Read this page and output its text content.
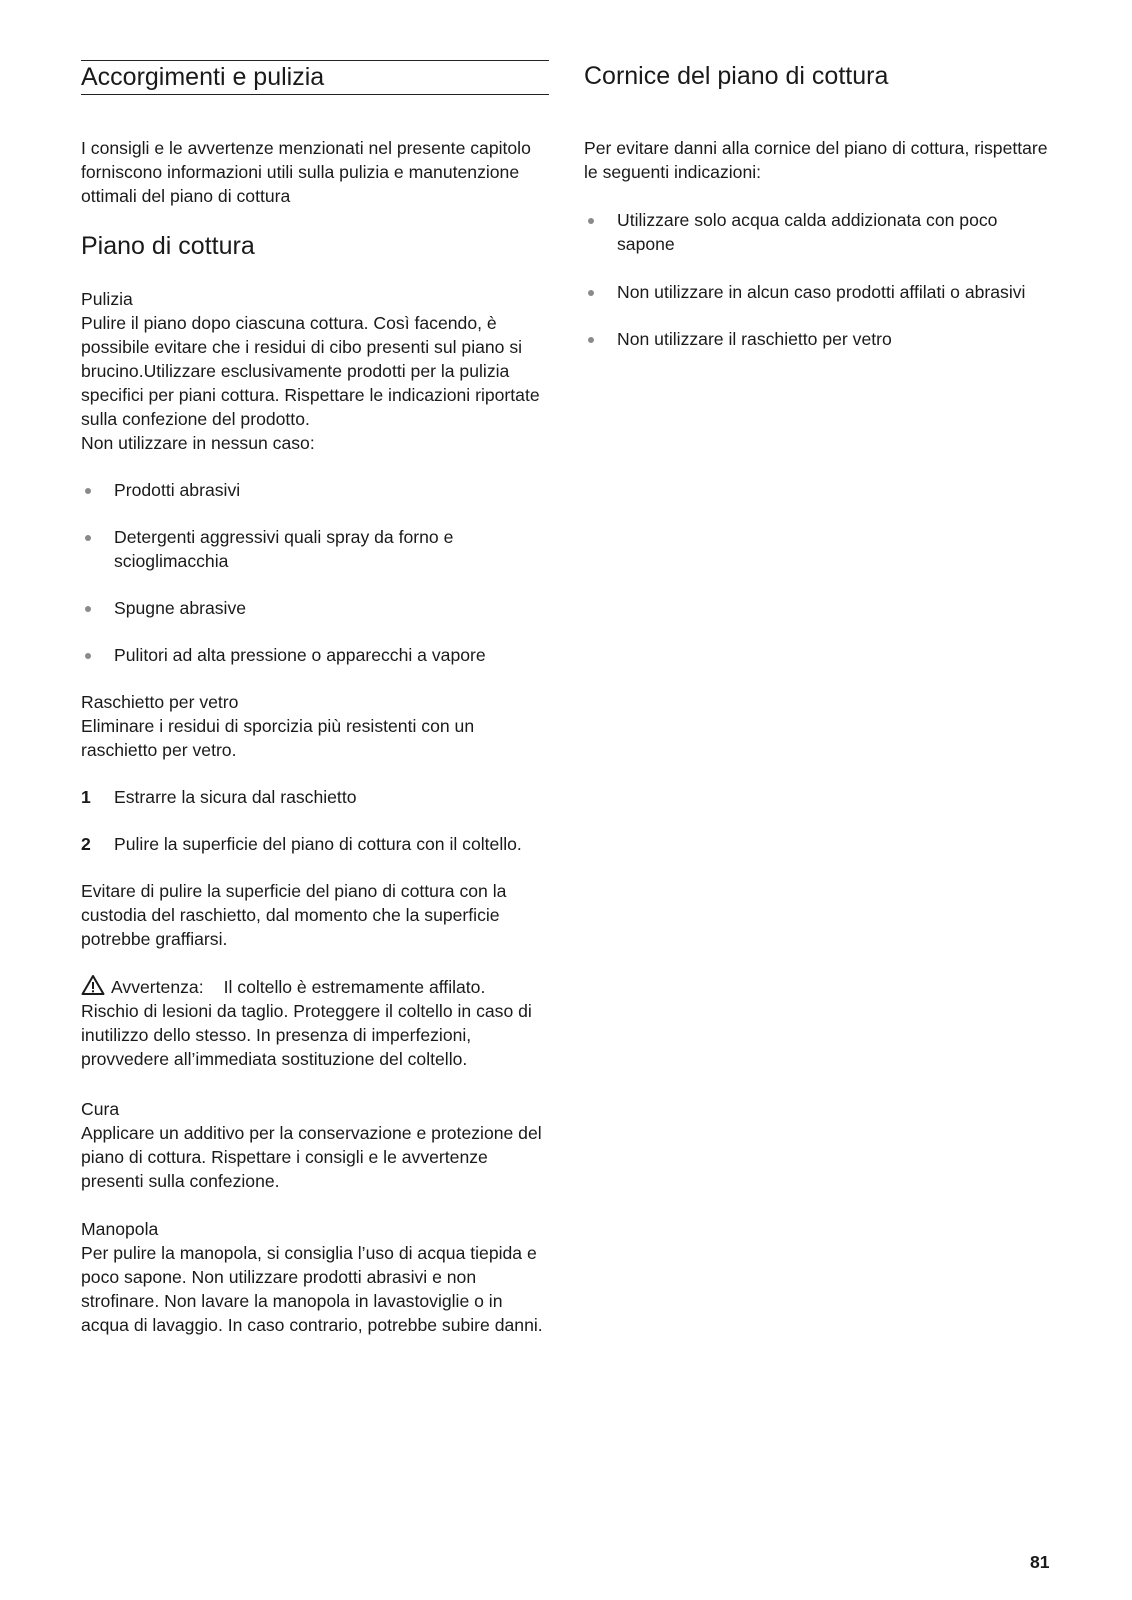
Accorgimenti e pulizia

I consigli e le avvertenze menzionati nel presente capitolo forniscono informazioni utili sulla pulizia e manutenzione ottimali del piano di cottura

Piano di cottura
Pulizia

Pulire il piano dopo ciascuna cottura. Così facendo, è possibile evitare che i residui di cibo presenti sul piano si brucino.Utilizzare esclusivamente prodotti per la pulizia specifici per piani cottura. Rispettare le indicazioni riportate sulla confezione del prodotto.

Non utilizzare in nessun caso:

Prodotti abrasivi
Detergenti aggressivi quali spray da forno e scioglimacchia
Spugne abrasive
Pulitori ad alta pressione o apparecchi a vapore
Raschietto per vetro

Eliminare i residui di sporcizia più resistenti con un raschietto per vetro.

1 Estrarre la sicura dal raschietto
2 Pulire la superficie del piano di cottura con il coltello.

Evitare di pulire la superficie del piano di cottura con la custodia del raschietto, dal momento che la superficie potrebbe graffiarsi.

Avvertenza: Il coltello è estremamente affilato.
Rischio di lesioni da taglio. Proteggere il coltello in caso di inutilizzo dello stesso. In presenza di imperfezioni, provvedere all’immediata sostituzione del coltello.
Cura

Applicare un additivo per la conservazione e protezione del piano di cottura. Rispettare i consigli e le avvertenze presenti sulla confezione.

Manopola

Per pulire la manopola, si consiglia l’uso di acqua tiepida e poco sapone. Non utilizzare prodotti abrasivi e non strofinare. Non lavare la manopola in lavastoviglie o in acqua di lavaggio. In caso contrario, potrebbe subire danni.

Cornice del piano di cottura

Per evitare danni alla cornice del piano di cottura, rispettare le seguenti indicazioni:

Utilizzare solo acqua calda addizionata con poco sapone
Non utilizzare in alcun caso prodotti affilati o abrasivi
Non utilizzare il raschietto per vetro
81
